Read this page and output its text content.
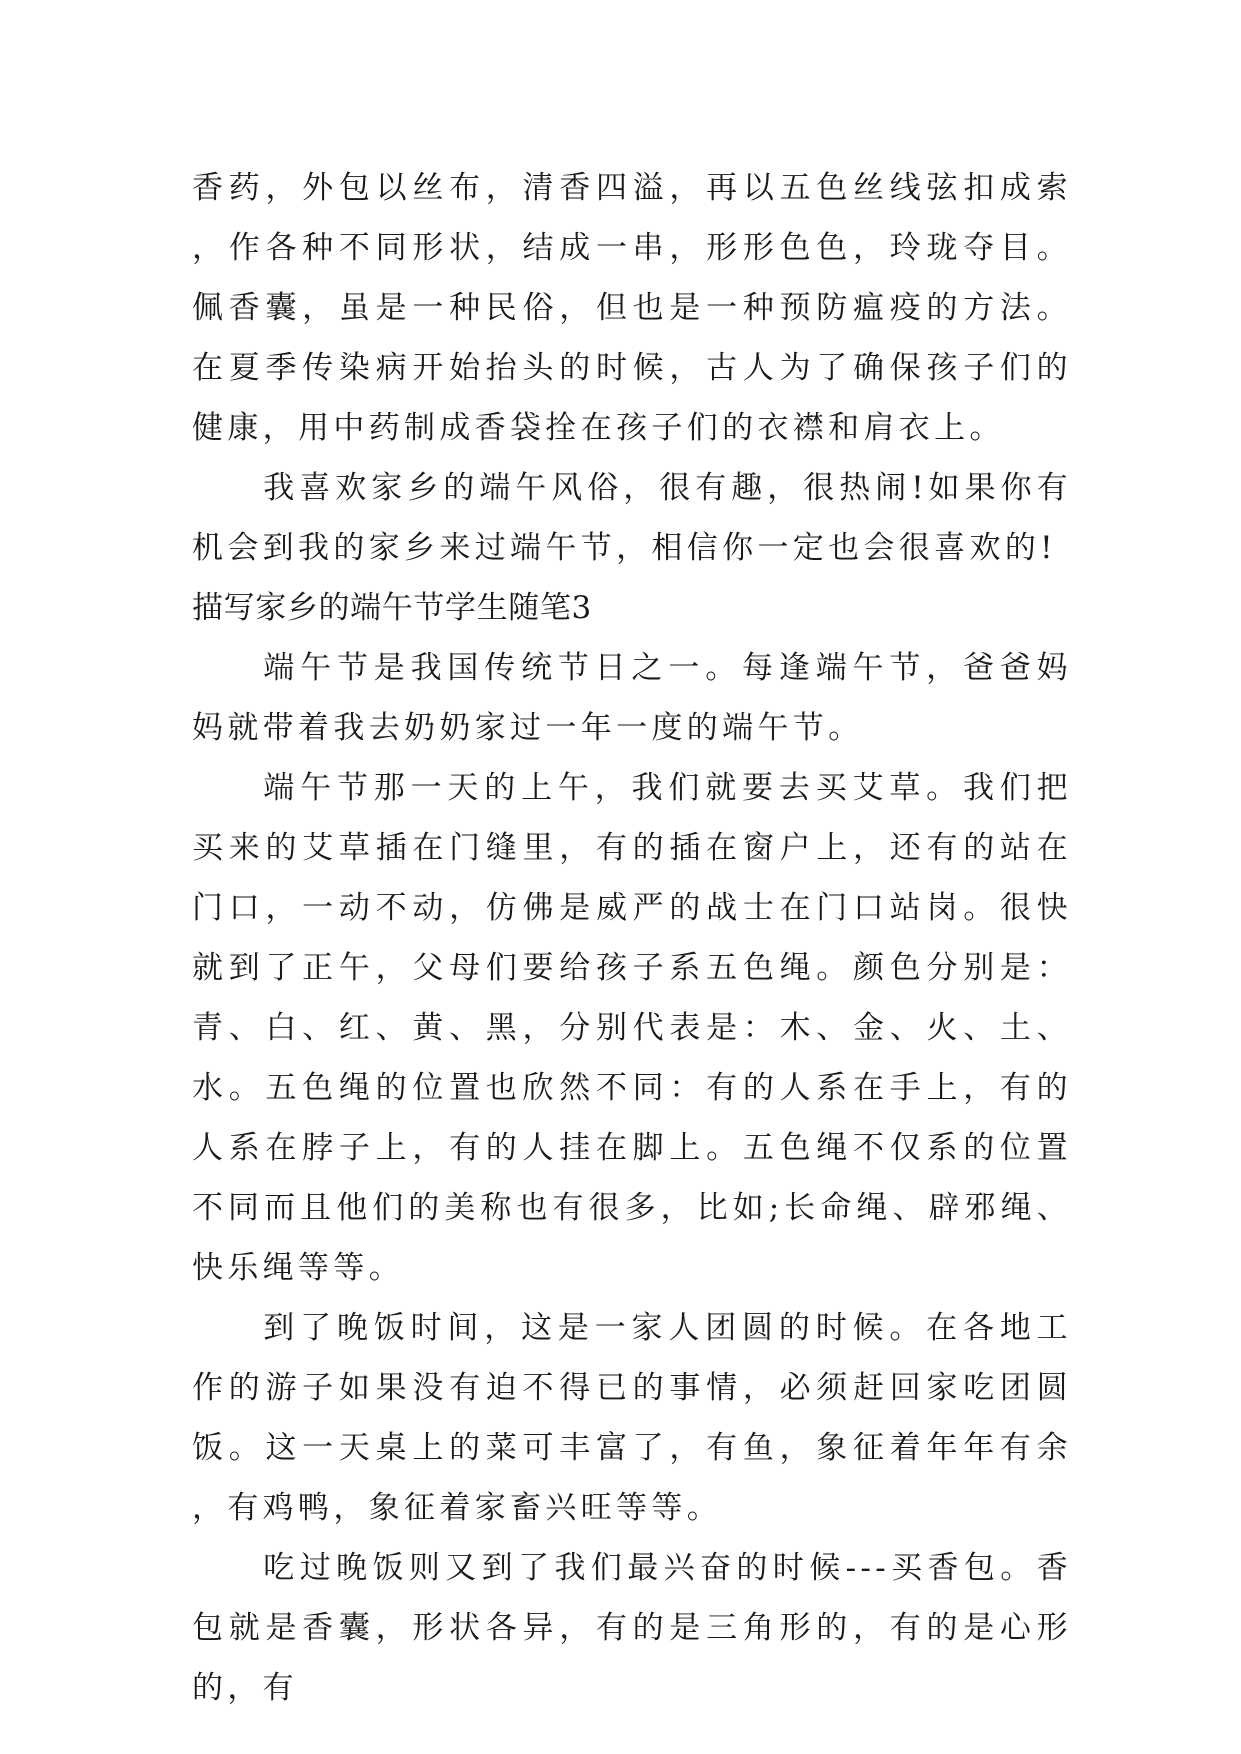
香药，外包以丝布，清香四溢，再以五色丝线弦扣成索，作各种不同形状，结成一串，形形色色，玲珑夺目。佩香囊，虽是一种民俗，但也是一种预防瘟疫的方法。在夏季传染病开始抬头的时候，古人为了确保孩子们的健康，用中药制成香袋拴在孩子们的衣襟和肩衣上。

我喜欢家乡的端午风俗，很有趣，很热闹!如果你有机会到我的家乡来过端午节，相信你一定也会很喜欢的!

描写家乡的端午节学生随笔3

端午节是我国传统节日之一。每逢端午节，爸爸妈妈就带着我去奶奶家过一年一度的端午节。

端午节那一天的上午，我们就要去买艾草。我们把买来的艾草插在门缝里，有的插在窗户上，还有的站在门口，一动不动，仿佛是威严的战士在门口站岗。很快就到了正午，父母们要给孩子系五色绳。颜色分别是：青、白、红、黄、黑，分别代表是：木、金、火、土、水。五色绳的位置也欣然不同：有的人系在手上，有的人系在脖子上，有的人挂在脚上。五色绳不仅系的位置不同而且他们的美称也有很多，比如;长命绳、辟邪绳、快乐绳等等。

到了晚饭时间，这是一家人团圆的时候。在各地工作的游子如果没有迫不得已的事情，必须赶回家吃团圆饭。这一天桌上的菜可丰富了，有鱼，象征着年年有余，有鸡鸭，象征着家畜兴旺等等。

吃过晚饭则又到了我们最兴奋的时候---买香包。香包就是香囊，形状各异，有的是三角形的，有的是心形的，有
